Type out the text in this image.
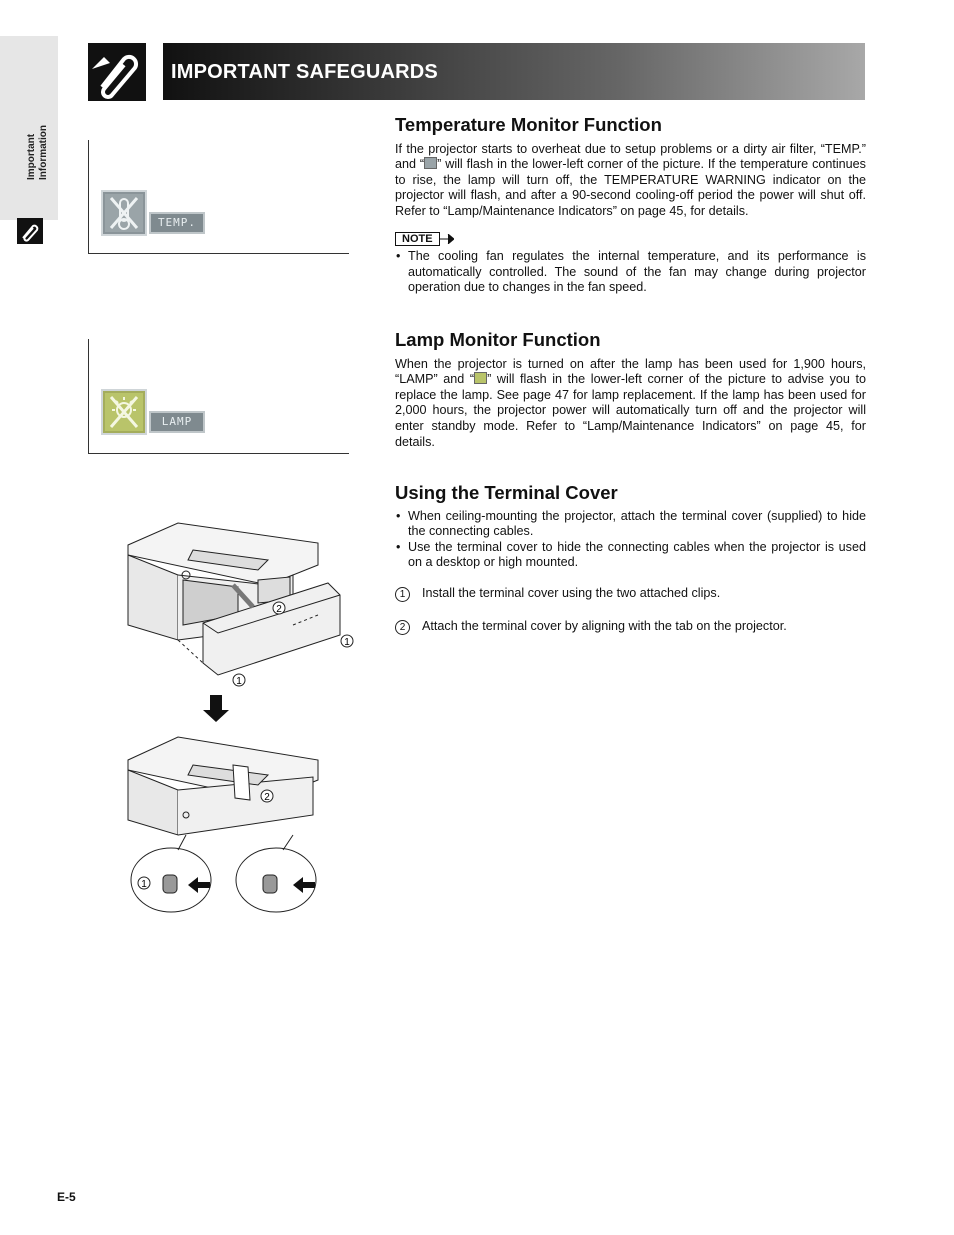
Important Information
IMPORTANT SAFEGUARDS
TEMP.
LAMP
Temperature Monitor Function

If the projector starts to overheat due to setup problems or a dirty air filter, “TEMP.” and “ ” will flash in the lower-left corner of the picture. If the temperature continues to rise, the lamp will turn off, the TEMPERATURE WARNING indicator on the projector will flash, and after a 90-second cooling-off period the power will shut off. Refer to “Lamp/Maintenance Indicators” on page 45, for details.

NOTE
• The cooling fan regulates the internal temperature, and its performance is automatically controlled. The sound of the fan may change during projector operation due to changes in the fan speed.
Lamp Monitor Function

When the projector is turned on after the lamp has been used for 1,900 hours, “LAMP” and “ ” will flash in the lower-left corner of the picture to advise you to replace the lamp. See page 47 for lamp replacement. If the lamp has been used for 2,000 hours, the projector power will automatically turn off and the projector will enter standby mode. Refer to “Lamp/Maintenance Indicators” on page 45, for details.

Using the Terminal Cover
• When ceiling-mounting the projector, attach the terminal cover (supplied) to hide the connecting cables.
• Use the terminal cover to hide the connecting cables when the projector is used on a desktop or high mounted.
1	Install the terminal cover using the two attached clips.
2	Attach the terminal cover by aligning with the tab on the projector.
2
1
1
2
1
E-5
